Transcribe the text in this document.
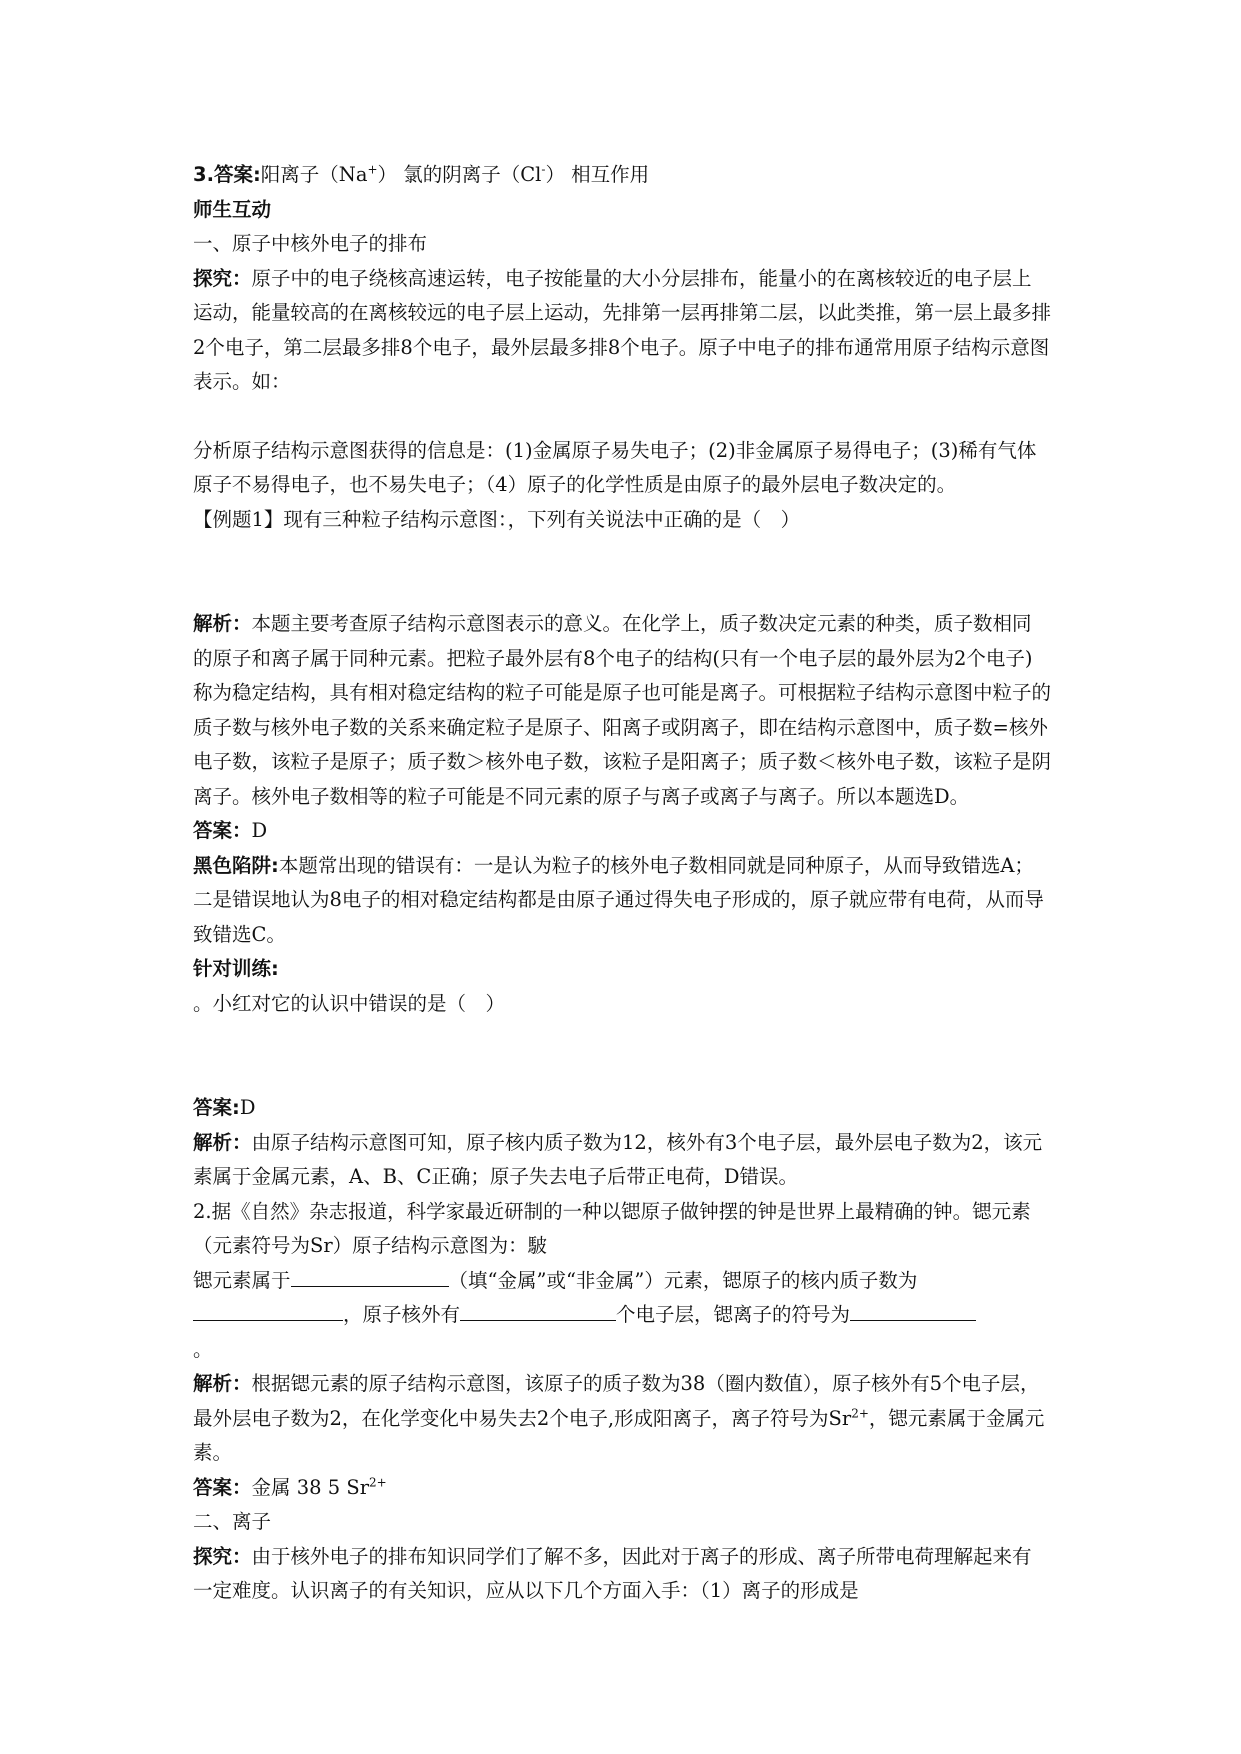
3.答案:阳离子（Na+） 氯的阴离子（Cl-） 相互作用

师生互动

一、原子中核外电子的排布

探究：原子中的电子绕核高速运转，电子按能量的大小分层排布，能量小的在离核较近的电子层上运动，能量较高的在离核较远的电子层上运动，先排第一层再排第二层，以此类推，第一层上最多排2个电子，第二层最多排8个电子，最外层最多排8个电子。原子中电子的排布通常用原子结构示意图表示。如：

分析原子结构示意图获得的信息是：(1)金属原子易失电子；(2)非金属原子易得电子；(3)稀有气体原子不易得电子，也不易失电子；（4）原子的化学性质是由原子的最外层电子数决定的。

【例题1】现有三种粒子结构示意图：，下列有关说法中正确的是（　）

解析：本题主要考查原子结构示意图表示的意义。在化学上，质子数决定元素的种类，质子数相同的原子和离子属于同种元素。把粒子最外层有8个电子的结构(只有一个电子层的最外层为2个电子)称为稳定结构，具有相对稳定结构的粒子可能是原子也可能是离子。可根据粒子结构示意图中粒子的质子数与核外电子数的关系来确定粒子是原子、阳离子或阴离子，即在结构示意图中，质子数=核外电子数，该粒子是原子；质子数＞核外电子数，该粒子是阳离子；质子数＜核外电子数，该粒子是阴离子。核外电子数相等的粒子可能是不同元素的原子与离子或离子与离子。所以本题选D。

答案：D

黑色陷阱:本题常出现的错误有：一是认为粒子的核外电子数相同就是同种原子，从而导致错选A；二是错误地认为8电子的相对稳定结构都是由原子通过得失电子形成的，原子就应带有电荷，从而导致错选C。

针对训练:

。小红对它的认识中错误的是（　）

答案:D

解析：由原子结构示意图可知，原子核内质子数为12，核外有3个电子层，最外层电子数为2，该元素属于金属元素，A、B、C正确；原子失去电子后带正电荷，D错误。

2.据《自然》杂志报道，科学家最近研制的一种以锶原子做钟摆的钟是世界上最精确的钟。锶元素（元素符号为Sr）原子结构示意图为：駊

锶元素属于	（填“金属”或“非金属”）元素，锶原子的核内质子数为，原子核外有	个电子层，锶离子的符号为
。

解析：根据锶元素的原子结构示意图，该原子的质子数为38（圈内数值），原子核外有5个电子层，最外层电子数为2，在化学变化中易失去2个电子,形成阳离子，离子符号为$Sr^{2+}$，锶元素属于金属元素。

答案：金属 38 5 $Sr^{2+}$

二、离子

探究：由于核外电子的排布知识同学们了解不多，因此对于离子的形成、离子所带电荷理解起来有一定难度。认识离子的有关知识，应从以下几个方面入手：（1）离子的形成是
